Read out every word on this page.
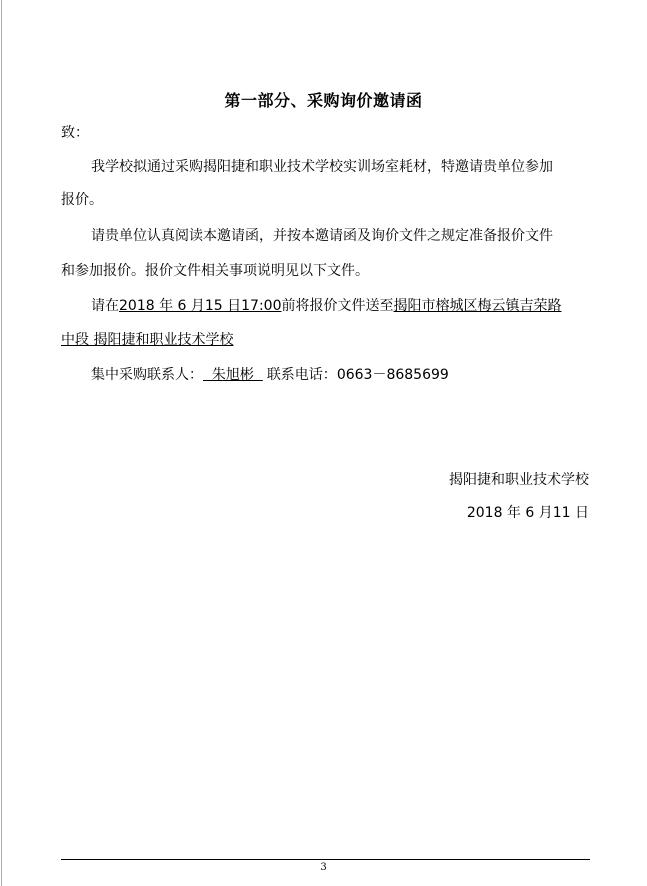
第一部分、采购询价邀请函
致：
我学校拟通过采购揭阳捷和职业技术学校实训场室耗材，特邀请贵单位参加
报价。
请贵单位认真阅读本邀请函，并按本邀请函及询价文件之规定准备报价文件
和参加报价。报价文件相关事项说明见以下文件。
请在2018 年 6 月15 日17:00前将报价文件送至揭阳市榕城区梅云镇吉荣路
中段 揭阳捷和职业技术学校
集中采购联系人：  朱旭彬  联系电话：0663－8685699
揭阳捷和职业技术学校
2018 年 6 月11 日
3
